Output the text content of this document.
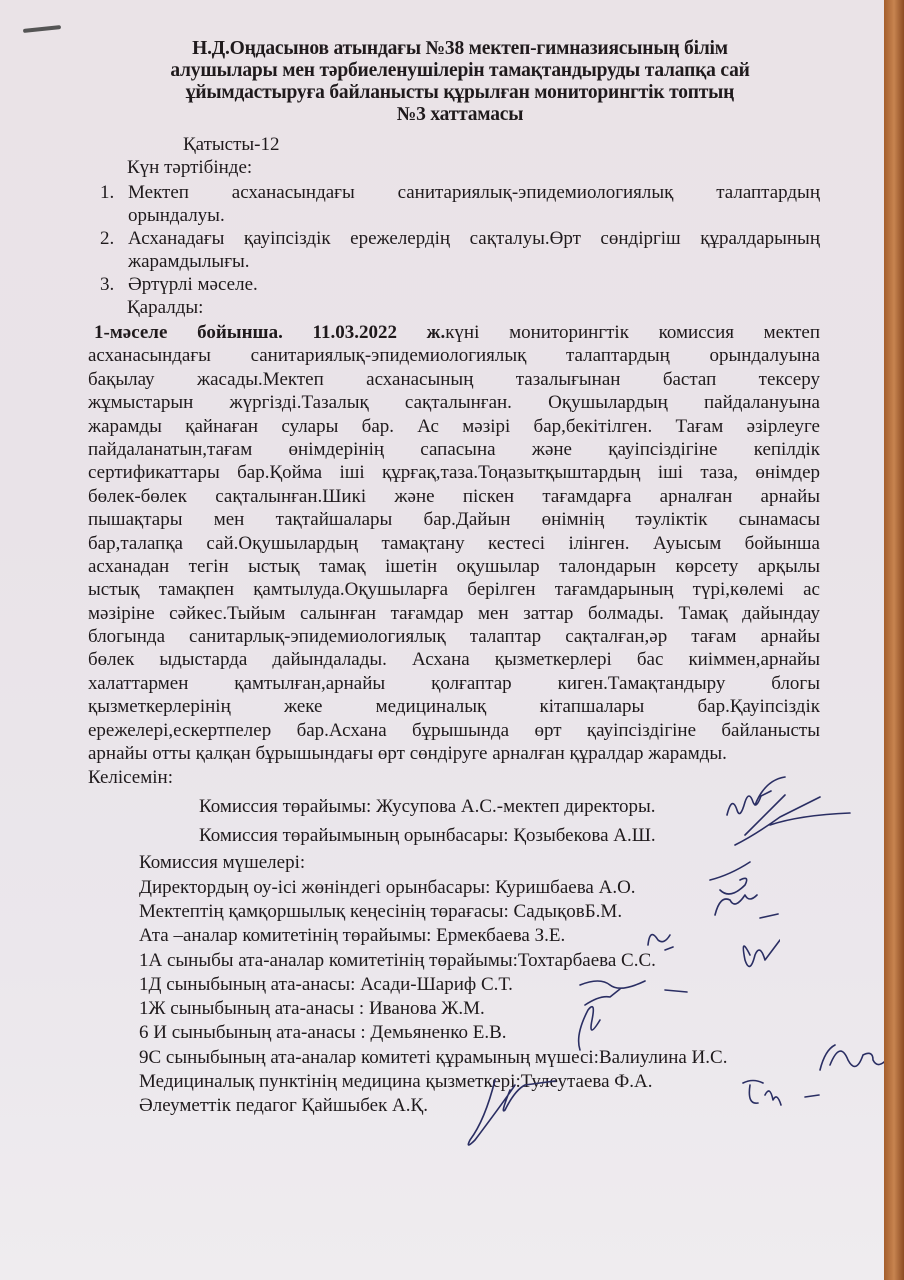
Н.Д.Оңдасынов атындағы №38 мектеп-гимназиясының білім
алушылары мен тәрбиеленушілерін тамақтандыруды талапқа сай
ұйымдастыруға байланысты құрылған мониторингтік топтың
№3 хаттамасы
Қатысты-12
Күн тәртібінде:
1. Мектеп асханасындағы санитариялық-эпидемиологиялық талаптардың
орындалуы.
2. Асханадағы қауіпсіздік ережелердің сақталуы.Өрт сөндіргіш құралдарының
жарамдылығы.
3. Әртүрлі мәселе.
Қаралды:
1-мәселе бойынша. 11.03.2022 ж.күні мониторингтік комиссия мектеп
асханасындағы санитариялық-эпидемиологиялық талаптардың орындалуына
бақылау жасады.Мектеп асханасының тазалығынан бастап тексеру
жұмыстарын жүргізді.Тазалық сақталынған. Оқушылардың пайдалануына
жарамды қайнаған сулары бар. Ас мәзірі бар,бекітілген. Тағам әзірлеуге
пайдаланатын,тағам өнімдерінің сапасына және қауіпсіздігіне кепілдік
сертификаттары бар.Қойма іші құрғақ,таза.Тоңазытқыштардың іші таза, өнімдер
бөлек-бөлек сақталынған.Шикі және піскен тағамдарға арналған арнайы
пышақтары мен тақтайшалары бар.Дайын өнімнің тәуліктік сынамасы
бар,талапқа сай.Оқушылардың тамақтану кестесі ілінген. Ауысым бойынша
асханадан тегін ыстық тамақ ішетін оқушылар талондарын көрсету арқылы
ыстық тамақпен қамтылуда.Оқушыларға берілген тағамдарының түрі,көлемі ас
мәзіріне сәйкес.Тыйым салынған тағамдар мен заттар болмады. Тамақ дайындау
блогында санитарлық-эпидемиологиялық талаптар сақталған,әр тағам арнайы
бөлек ыдыстарда дайындалады. Асхана қызметкерлері бас киіммен,арнайы
халаттармен қамтылған,арнайы қолғаптар киген.Тамақтандыру блогы
қызметкерлерінің жеке медициналық кітапшалары бар.Қауіпсіздік
ережелері,ескертпелер бар.Асхана бұрышында өрт қауіпсіздігіне байланысты
арнайы отты қалқан бұрышындағы өрт сөндіруге арналған құралдар жарамды.
Келісемін:
Комиссия төрайымы: Жусупова А.С.-мектеп директоры.
Комиссия төрайымының орынбасары: Қозыбекова А.Ш.
Комиссия мүшелері:
Директордың оу-ісі жөніндегі орынбасары: Куришбаева А.О.
Мектептің қамқоршылық кеңесінің төрағасы: СадықовБ.М.
Ата –аналар комитетінің төрайымы: Ермекбаева З.Е.
1А сыныбы ата-аналар комитетінің төрайымы:Тохтарбаева С.С.
1Д сыныбының ата-анасы: Асади-Шариф С.Т.
1Ж сыныбының ата-анасы : Иванова Ж.М.
6 И сыныбының ата-анасы : Демьяненко Е.В.
9С сыныбының ата-аналар комитеті құрамының мүшесі:Валиулина И.С.
Медициналық пунктінің медицина қызметкері:Тулеутаева Ф.А.
Әлеуметтік педагог Қайшыбек А.Қ.
